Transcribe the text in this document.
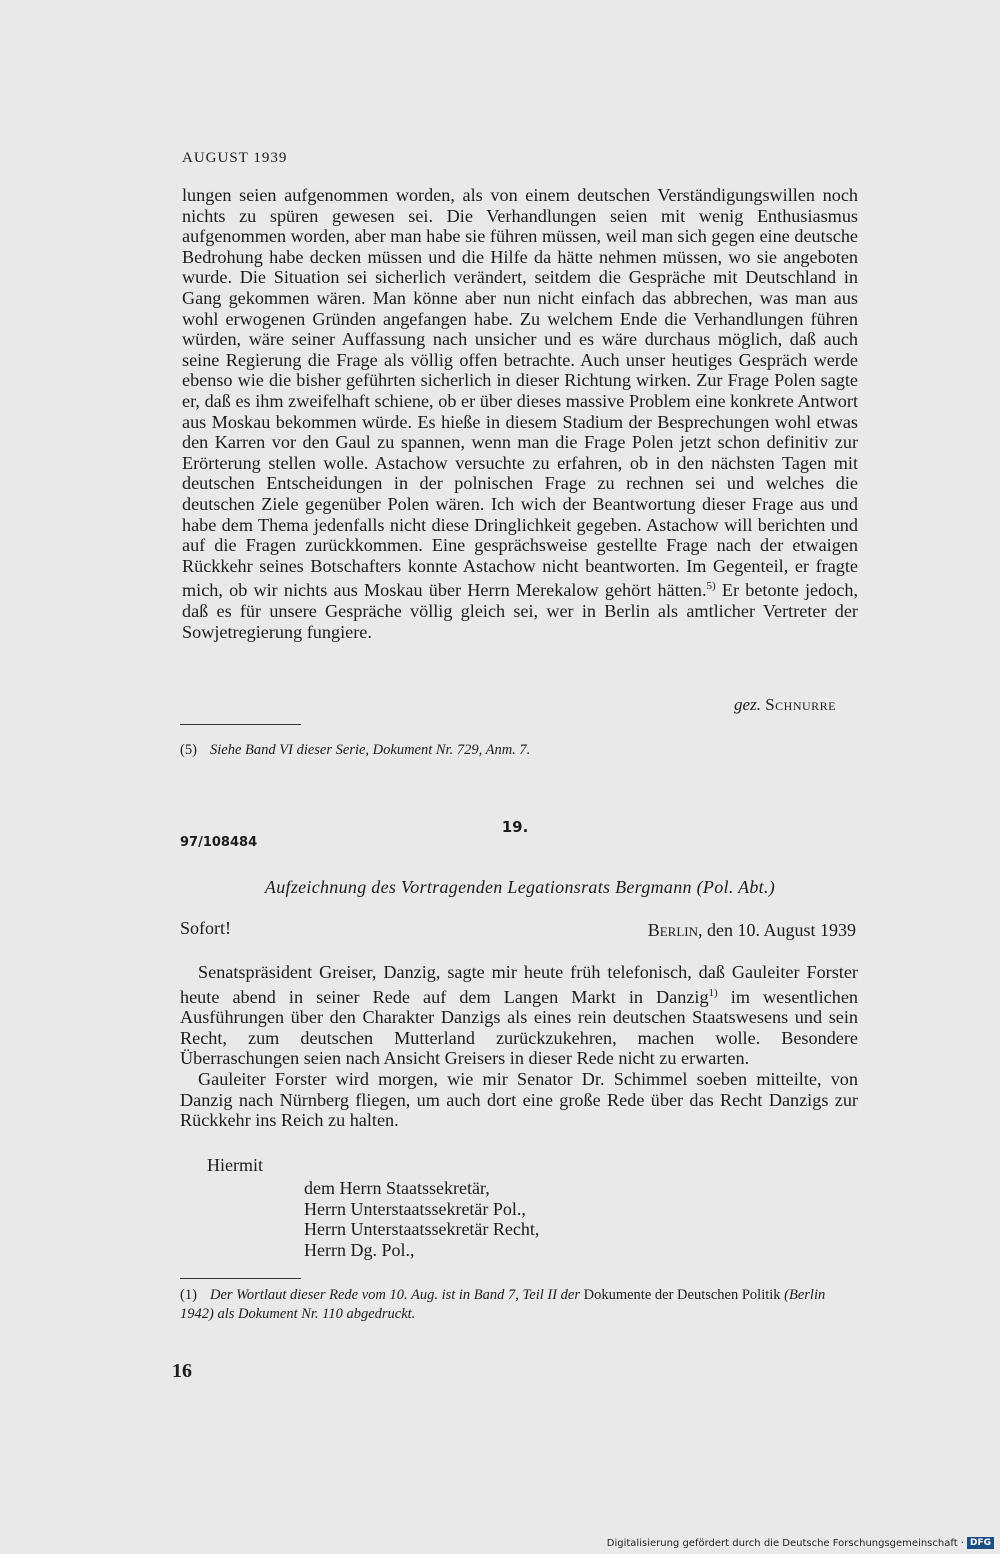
AUGUST 1939

lungen seien aufgenommen worden, als von einem deutschen Verständigungswillen noch nichts zu spüren gewesen sei. Die Verhandlungen seien mit wenig Enthusiasmus aufgenommen worden, aber man habe sie führen müssen, weil man sich gegen eine deutsche Bedrohung habe decken müssen und die Hilfe da hätte nehmen müssen, wo sie angeboten wurde. Die Situation sei sicherlich verändert, seitdem die Gespräche mit Deutschland in Gang gekommen wären. Man könne aber nun nicht einfach das abbrechen, was man aus wohl erwogenen Gründen angefangen habe. Zu welchem Ende die Verhandlungen führen würden, wäre seiner Auffassung nach unsicher und es wäre durchaus möglich, daß auch seine Regierung die Frage als völlig offen betrachte. Auch unser heutiges Gespräch werde ebenso wie die bisher geführten sicherlich in dieser Richtung wirken. Zur Frage Polen sagte er, daß es ihm zweifelhaft schiene, ob er über dieses massive Problem eine konkrete Antwort aus Moskau bekommen würde. Es hieße in diesem Stadium der Besprechungen wohl etwas den Karren vor den Gaul zu spannen, wenn man die Frage Polen jetzt schon definitiv zur Erörterung stellen wolle. Astachow versuchte zu erfahren, ob in den nächsten Tagen mit deutschen Entscheidungen in der polnischen Frage zu rechnen sei und welches die deutschen Ziele gegenüber Polen wären. Ich wich der Beantwortung dieser Frage aus und habe dem Thema jedenfalls nicht diese Dringlichkeit gegeben. Astachow will berichten und auf die Fragen zurückkommen. Eine gesprächsweise gestellte Frage nach der etwaigen Rückkehr seines Botschafters konnte Astachow nicht beantworten. Im Gegenteil, er fragte mich, ob wir nichts aus Moskau über Herrn Merekalow gehört hätten.$^{5)}$ Er betonte jedoch, daß es für unsere Gespräche völlig gleich sei, wer in Berlin als amtlicher Vertreter der Sowjetregierung fungiere.

gez. Schnurre
(5) Siehe Band VI dieser Serie, Dokument Nr. 729, Anm. 7.
19.
97/108484
Aufzeichnung des Vortragenden Legationsrats Bergmann (Pol. Abt.)
Sofort!	Berlin, den 10. August 1939

Senatspräsident Greiser, Danzig, sagte mir heute früh telefonisch, daß Gauleiter Forster heute abend in seiner Rede auf dem Langen Markt in Danzig$^{1)}$ im wesentlichen Ausführungen über den Charakter Danzigs als eines rein deutschen Staatswesens und sein Recht, zum deutschen Mutterland zurückzukehren, machen wolle. Besondere Überraschungen seien nach Ansicht Greisers in dieser Rede nicht zu erwarten.

Gauleiter Forster wird morgen, wie mir Senator Dr. Schimmel soeben mitteilte, von Danzig nach Nürnberg fliegen, um auch dort eine große Rede über das Recht Danzigs zur Rückkehr ins Reich zu halten.

Hiermit
dem Herrn Staatssekretär,
Herrn Unterstaatssekretär Pol.,
Herrn Unterstaatssekretär Recht,
Herrn Dg. Pol.,
(1) Der Wortlaut dieser Rede vom 10. Aug. ist in Band 7, Teil II der Dokumente der Deutschen Politik (Berlin 1942) als Dokument Nr. 110 abgedruckt.
16
Digitalisierung gefördert durch die Deutsche Forschungsgemeinschaft · DFG
